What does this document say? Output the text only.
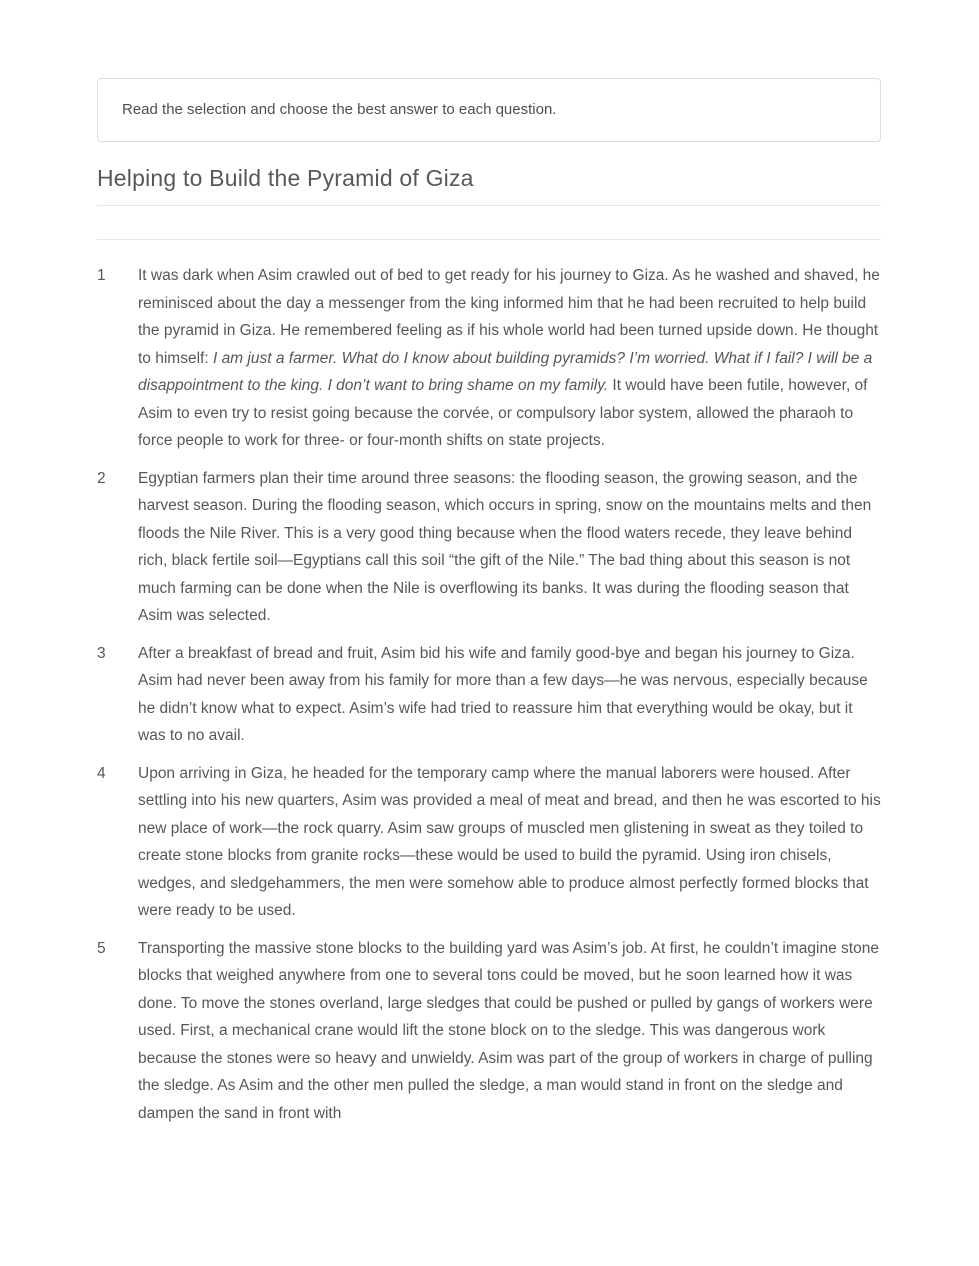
Read the selection and choose the best answer to each question.

Helping to Build the Pyramid of Giza
1	It was dark when Asim crawled out of bed to get ready for his journey to Giza. As he washed and shaved, he reminisced about the day a messenger from the king informed him that he had been recruited to help build the pyramid in Giza. He remembered feeling as if his whole world had been turned upside down. He thought to himself: I am just a farmer. What do I know about building pyramids? I’m worried. What if I fail? I will be a disappointment to the king. I don’t want to bring shame on my family. It would have been futile, however, of Asim to even try to resist going because the corvée, or compulsory labor system, allowed the pharaoh to force people to work for three- or four-month shifts on state projects.
2	Egyptian farmers plan their time around three seasons: the flooding season, the growing season, and the harvest season. During the flooding season, which occurs in spring, snow on the mountains melts and then floods the Nile River. This is a very good thing because when the flood waters recede, they leave behind rich, black fertile soil—Egyptians call this soil “the gift of the Nile.” The bad thing about this season is not much farming can be done when the Nile is overflowing its banks. It was during the flooding season that Asim was selected.
3	After a breakfast of bread and fruit, Asim bid his wife and family good-bye and began his journey to Giza. Asim had never been away from his family for more than a few days—he was nervous, especially because he didn’t know what to expect. Asim’s wife had tried to reassure him that everything would be okay, but it was to no avail.
4	Upon arriving in Giza, he headed for the temporary camp where the manual laborers were housed. After settling into his new quarters, Asim was provided a meal of meat and bread, and then he was escorted to his new place of work—the rock quarry. Asim saw groups of muscled men glistening in sweat as they toiled to create stone blocks from granite rocks—these would be used to build the pyramid. Using iron chisels, wedges, and sledgehammers, the men were somehow able to produce almost perfectly formed blocks that were ready to be used.
5	Transporting the massive stone blocks to the building yard was Asim’s job. At first, he couldn’t imagine stone blocks that weighed anywhere from one to several tons could be moved, but he soon learned how it was done. To move the stones overland, large sledges that could be pushed or pulled by gangs of workers were used. First, a mechanical crane would lift the stone block on to the sledge. This was dangerous work because the stones were so heavy and unwieldy. Asim was part of the group of workers in charge of pulling the sledge. As Asim and the other men pulled the sledge, a man would stand in front on the sledge and dampen the sand in front with
